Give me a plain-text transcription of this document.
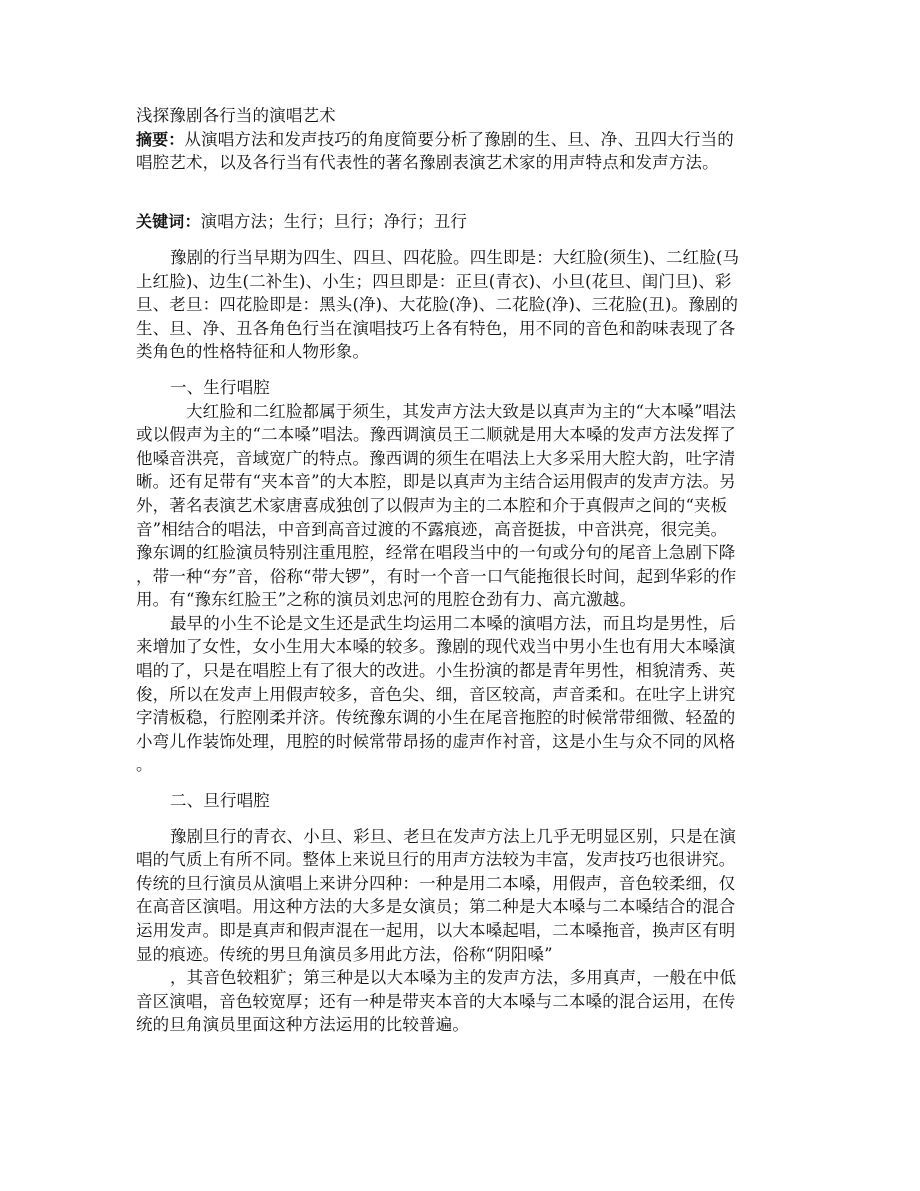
浅探豫剧各行当的演唱艺术
摘要：从演唱方法和发声技巧的角度简要分析了豫剧的生、旦、净、丑四大行当的
唱腔艺术，以及各行当有代表性的著名豫剧表演艺术家的用声特点和发声方法。
关键词：演唱方法；生行；旦行；净行；丑行
豫剧的行当早期为四生、四旦、四花脸。四生即是：大红脸(须生)、二红脸(马
上红脸)、边生(二补生)、小生；四旦即是：正旦(青衣)、小旦(花旦、闺门旦)、彩
旦、老旦：四花脸即是：黑头(净)、大花脸(净)、二花脸(净)、三花脸(丑)。豫剧的
生、旦、净、丑各角色行当在演唱技巧上各有特色，用不同的音色和韵味表现了各
类角色的性格特征和人物形象。
一、生行唱腔
大红脸和二红脸都属于须生，其发声方法大致是以真声为主的“大本嗓”唱法
或以假声为主的“二本嗓”唱法。豫西调演员王二顺就是用大本嗓的发声方法发挥了
他嗓音洪亮，音域宽广的特点。豫西调的须生在唱法上大多采用大腔大韵，吐字清
晰。还有足带有“夹本音”的大本腔，即是以真声为主结合运用假声的发声方法。另
外，著名表演艺术家唐喜成独创了以假声为主的二本腔和介于真假声之间的“夹板
音”相结合的唱法，中音到高音过渡的不露痕迹，高音挺拔，中音洪亮，很完美。
豫东调的红脸演员特别注重甩腔，经常在唱段当中的一句或分句的尾音上急剧下降
，带一种“夯”音，俗称“带大锣”，有时一个音一口气能拖很长时间，起到华彩的作
用。有“豫东红脸王”之称的演员刘忠河的甩腔仓劲有力、高亢激越。
最早的小生不论是文生还是武生均运用二本嗓的演唱方法，而且均是男性，后
来增加了女性，女小生用大本嗓的较多。豫剧的现代戏当中男小生也有用大本嗓演
唱的了，只是在唱腔上有了很大的改进。小生扮演的都是青年男性，相貌清秀、英
俊，所以在发声上用假声较多，音色尖、细，音区较高，声音柔和。在吐字上讲究
字清板稳，行腔刚柔并济。传统豫东调的小生在尾音拖腔的时候常带细微、轻盈的
小弯儿作装饰处理，甩腔的时候常带昂扬的虚声作衬音，这是小生与众不同的风格
。
二、旦行唱腔
豫剧旦行的青衣、小旦、彩旦、老旦在发声方法上几乎无明显区别，只是在演
唱的气质上有所不同。整体上来说旦行的用声方法较为丰富，发声技巧也很讲究。
传统的旦行演员从演唱上来讲分四种：一种是用二本嗓，用假声，音色较柔细，仅
在高音区演唱。用这种方法的大多是女演员；第二种是大本嗓与二本嗓结合的混合
运用发声。即是真声和假声混在一起用，以大本嗓起唱，二本嗓拖音，换声区有明
显的痕迹。传统的男旦角演员多用此方法，俗称“阴阳嗓”
，其音色较粗犷；第三种是以大本嗓为主的发声方法，多用真声，一般在中低
音区演唱，音色较宽厚；还有一种是带夹本音的大本嗓与二本嗓的混合运用，在传
统的旦角演员里面这种方法运用的比较普遍。
